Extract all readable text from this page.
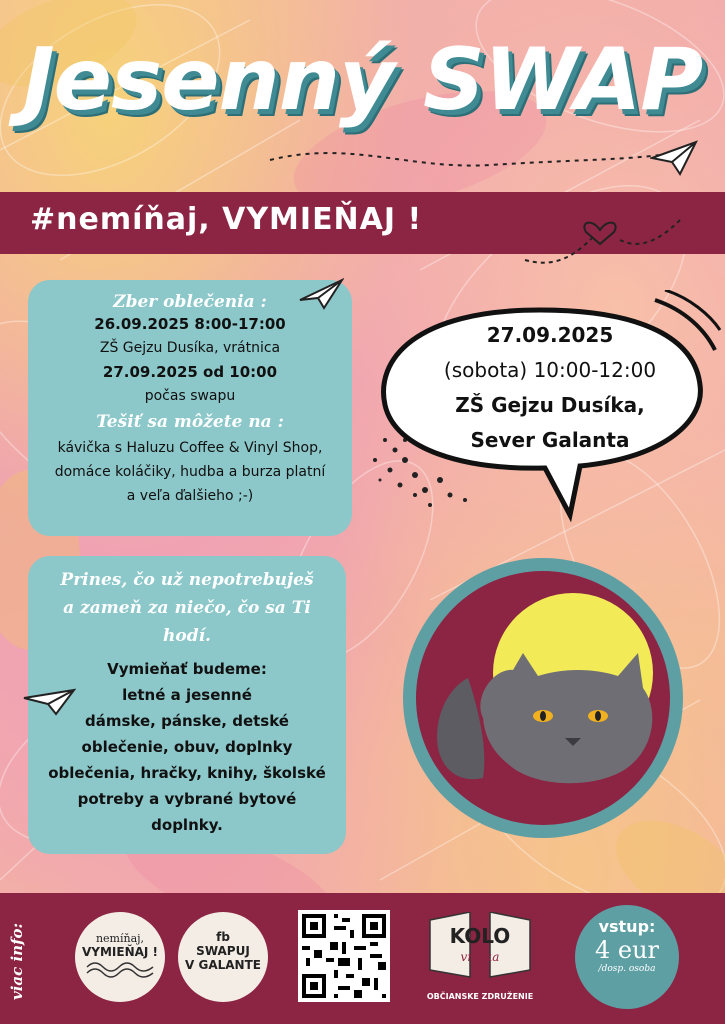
Jesenný SWAP
#nemíňaj, VYMIEŇAJ !
Zber oblečenia :
26.09.2025 8:00-17:00
ZŠ Gejzu Dusíka, vrátnica
27.09.2025 od 10:00
počas swapu
Tešiť sa môžete na :
kávička s Haluzu Coffee & Vinyl Shop,
domáce koláčiky, hudba a burza platní
a veľa ďalšieho ;-)
27.09.2025
(sobota) 10:00-12:00
ZŠ Gejzu Dusíka,
Sever Galanta
Prines, čo už nepotrebuješ
a zameň za niečo, čo sa Ti
hodí.
Vymieňať budeme:
letné a jesenné
dámske, pánske, detské
oblečenie, obuv, doplnky
oblečenia, hračky, knihy, školské
potreby a vybrané bytové
doplnky.
viac info:	nemíňaj,
VYMIEŇAJ !
fb
SWAPUJ
V GALANTE
KOLO
vrátka
OBČIANSKE ZDRUŽENIE
vstup:
4 eur
/dosp. osoba
